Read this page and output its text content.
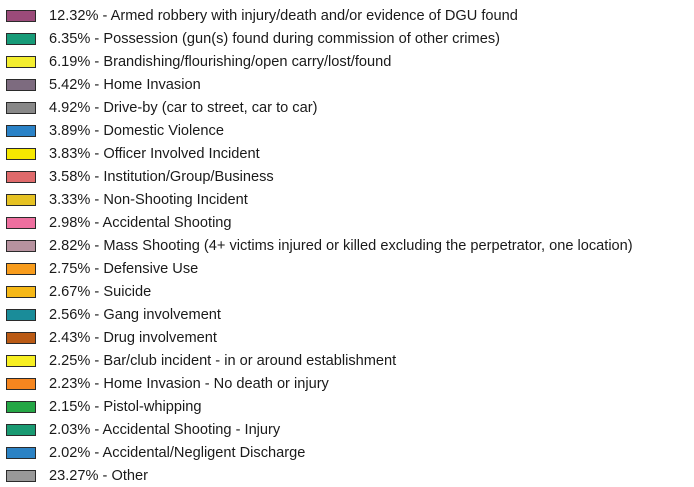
12.32% - Armed robbery with injury/death and/or evidence of DGU found
6.35% - Possession (gun(s) found during commission of other crimes)
6.19% - Brandishing/flourishing/open carry/lost/found
5.42% - Home Invasion
4.92% - Drive-by (car to street, car to car)
3.89% - Domestic Violence
3.83% - Officer Involved Incident
3.58% - Institution/Group/Business
3.33% - Non-Shooting Incident
2.98% - Accidental Shooting
2.82% - Mass Shooting (4+ victims injured or killed excluding the perpetrator, one location)
2.75% - Defensive Use
2.67% - Suicide
2.56% - Gang involvement
2.43% - Drug involvement
2.25% - Bar/club incident - in or around establishment
2.23% - Home Invasion - No death or injury
2.15% - Pistol-whipping
2.03% - Accidental Shooting - Injury
2.02% - Accidental/Negligent Discharge
23.27% - Other
